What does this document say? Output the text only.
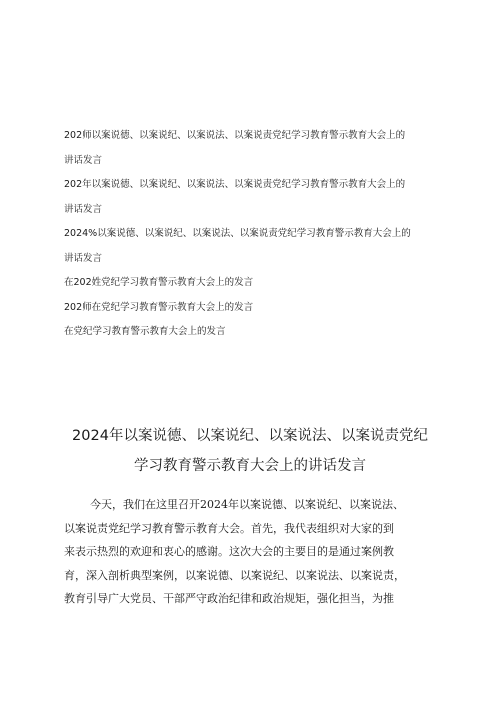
202师以案说德、以案说纪、以案说法、以案说责党纪学习教育警示教育大会上的
讲话发言
202年以案说德、以案说纪、以案说法、以案说责党纪学习教育警示教育大会上的
讲话发言
2024%以案说德、以案说纪、以案说法、以案说责党纪学习教育警示教育大会上的
讲话发言
在202姓党纪学习教育警示教育大会上的发言
202师在党纪学习教育警示教育大会上的发言
在党纪学习教育警示教育大会上的发言
2024年以案说德、以案说纪、以案说法、以案说责党纪
学习教育警示教育大会上的讲话发言
今天，我们在这里召开2024年以案说德、以案说纪、以案说法、
以案说责党纪学习教育警示教育大会。首先，我代表组织对大家的到
来表示热烈的欢迎和衷心的感谢。这次大会的主要目的是通过案例教
育，深入剖析典型案例，以案说德、以案说纪、以案说法、以案说责，
教育引导广大党员、干部严守政治纪律和政治规矩，强化担当，为推
